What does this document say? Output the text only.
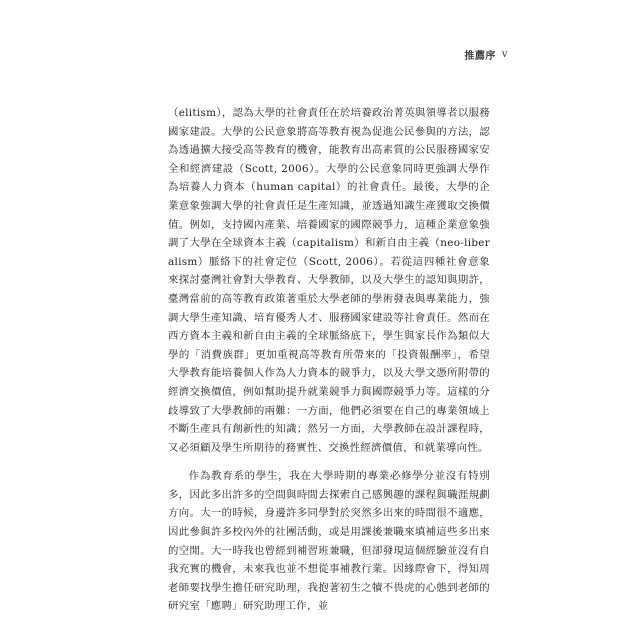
推薦序 v

（elitism），認為大學的社會責任在於培養政治菁英與領導者以服務國家建設。大學的公民意象將高等教育視為促進公民參與的方法，認為透過擴大接受高等教育的機會，能教育出高素質的公民服務國家安全和經濟建設（Scott, 2006）。大學的公民意象同時更強調大學作為培養人力資本（human capital）的社會責任。最後，大學的企業意象強調大學的社會責任是生產知識，並透過知識生產獲取交換價值。例如，支持國內產業、培養國家的國際競爭力，這種企業意象強調了大學在全球資本主義（capitalism）和新自由主義（neo-liberalism）脈絡下的社會定位（Scott, 2006）。若從這四種社會意象來探討臺灣社會對大學教育、大學教師，以及大學生的認知與期許，臺灣當前的高等教育政策著重於大學老師的學術發表與專業能力，強調大學生產知識、培育優秀人才、服務國家建設等社會責任。然而在西方資本主義和新自由主義的全球脈絡底下，學生與家長作為類似大學的「消費族群」更加重視高等教育所帶來的「投資報酬率」，希望大學教育能培養個人作為人力資本的競爭力，以及大學文憑所附帶的經濟交換價值，例如幫助提升就業競爭力與國際競爭力等。這樣的分歧導致了大學教師的兩難：一方面，他們必須要在自己的專業領域上不斷生產具有創新性的知識；然另一方面，大學教師在設計課程時，又必須顧及學生所期待的務實性、交換性經濟價值，和就業導向性。

作為教育系的學生，我在大學時期的專業必修學分並沒有特別多，因此多出許多的空間與時間去探索自己感興趣的課程與職涯規劃方向。大一的時候，身邊許多同學對於突然多出來的時間很不適應，因此參與許多校內外的社團活動，或是用課後兼職來填補這些多出來的空閒。大一時我也曾經到補習班兼職，但卻發現這個經驗並沒有自我充實的機會，未來我也並不想從事補教行業。因緣際會下，得知周老師要找學生擔任研究助理，我抱著初生之犢不畏虎的心態到老師的研究室「應聘」研究助理工作，並
